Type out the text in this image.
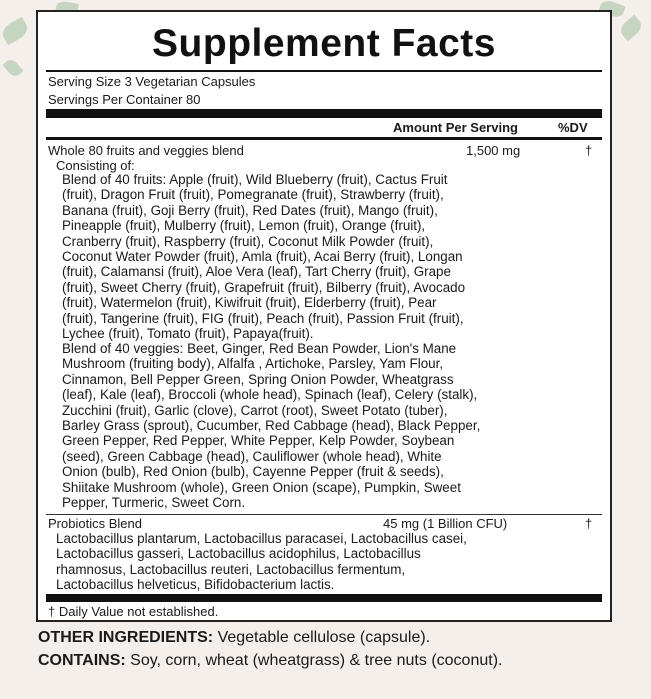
Supplement Facts
Serving Size 3 Vegetarian Capsules
Servings Per Container 80
Amount Per Serving	%DV
Whole 80 fruits and veggies blend	1,500 mg	†
Consisting of:
Blend of 40 fruits: Apple (fruit), Wild Blueberry (fruit), Cactus Fruit
(fruit), Dragon Fruit (fruit), Pomegranate (fruit), Strawberry (fruit),
Banana (fruit), Goji Berry (fruit), Red Dates (fruit), Mango (fruit),
Pineapple (fruit), Mulberry (fruit), Lemon (fruit), Orange (fruit),
Cranberry (fruit), Raspberry (fruit), Coconut Milk Powder (fruit),
Coconut Water Powder (fruit), Amla (fruit), Acai Berry (fruit), Longan
(fruit), Calamansi (fruit), Aloe Vera (leaf), Tart Cherry (fruit), Grape
(fruit), Sweet Cherry (fruit), Grapefruit (fruit), Bilberry (fruit), Avocado
(fruit), Watermelon (fruit), Kiwifruit (fruit), Elderberry (fruit), Pear
(fruit), Tangerine (fruit), FIG (fruit), Peach (fruit), Passion Fruit (fruit),
Lychee (fruit), Tomato (fruit), Papaya(fruit).
Blend of 40 veggies: Beet, Ginger, Red Bean Powder, Lion's Mane
Mushroom (fruiting body), Alfalfa , Artichoke, Parsley, Yam Flour,
Cinnamon, Bell Pepper Green, Spring Onion Powder, Wheatgrass
(leaf), Kale (leaf), Broccoli (whole head), Spinach (leaf), Celery (stalk),
Zucchini (fruit), Garlic (clove), Carrot (root), Sweet Potato (tuber),
Barley Grass (sprout), Cucumber, Red Cabbage (head), Black Pepper,
Green Pepper, Red Pepper, White Pepper, Kelp Powder, Soybean
(seed), Green Cabbage (head), Cauliflower (whole head), White
Onion (bulb), Red Onion (bulb), Cayenne Pepper (fruit & seeds),
Shiitake Mushroom (whole), Green Onion (scape), Pumpkin, Sweet
Pepper, Turmeric, Sweet Corn.
Probiotics Blend	45 mg (1 Billion CFU)	†
Lactobacillus plantarum, Lactobacillus paracasei, Lactobacillus casei,
Lactobacillus gasseri, Lactobacillus acidophilus, Lactobacillus
rhamnosus, Lactobacillus reuteri, Lactobacillus fermentum,
Lactobacillus helveticus, Bifidobacterium lactis.
† Daily Value not established.
OTHER INGREDIENTS: Vegetable cellulose (capsule).
CONTAINS: Soy, corn, wheat (wheatgrass) & tree nuts (coconut).
